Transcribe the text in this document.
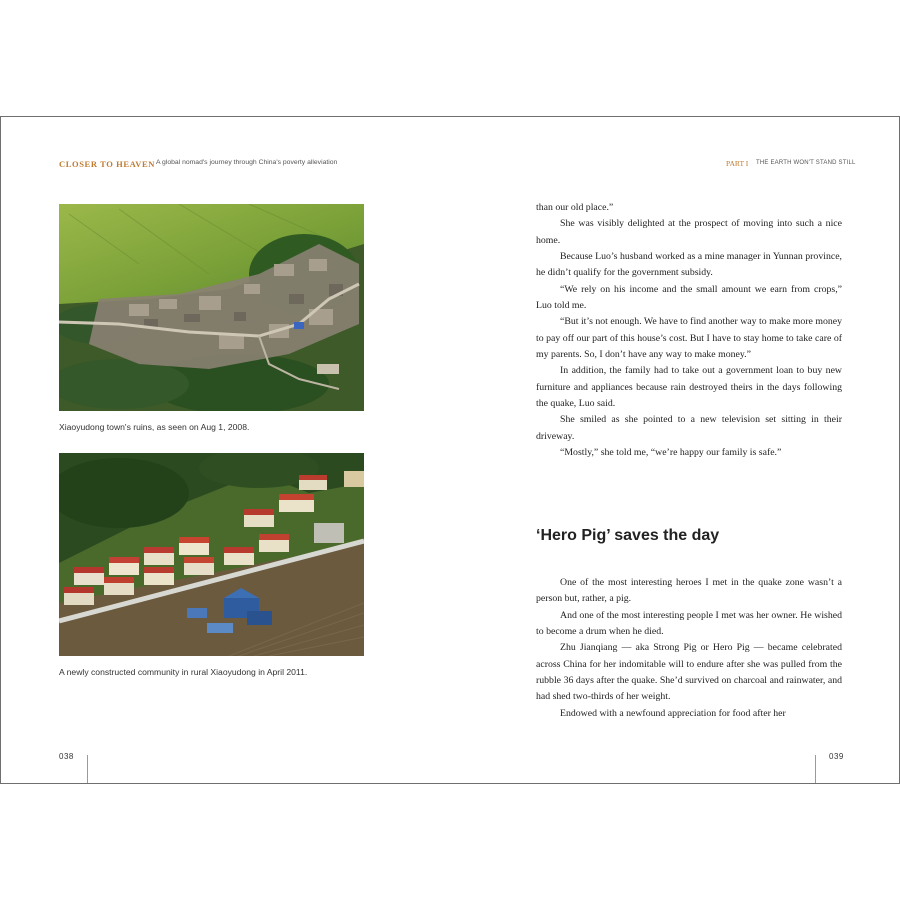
CLOSER TO HEAVEN A global nomad's journey through China's poverty alleviation	PART I THE EARTH WON'T STAND STILL
Xiaoyudong town's ruins, as seen on Aug 1, 2008.
A newly constructed community in rural Xiaoyudong in April 2011.
038	039

than our old place.”

She was visibly delighted at the prospect of moving into such a nice home.

Because Luo’s husband worked as a mine manager in Yunnan province, he didn’t qualify for the government subsidy.

“We rely on his income and the small amount we earn from crops,” Luo told me.

“But it’s not enough. We have to find another way to make more money to pay off our part of this house’s cost. But I have to stay home to take care of my parents. So, I don’t have any way to make money.”

In addition, the family had to take out a government loan to buy new furniture and appliances because rain destroyed theirs in the days following the quake, Luo said.

She smiled as she pointed to a new television set sitting in their driveway.

“Mostly,” she told me, “we’re happy our family is safe.”

‘Hero Pig’ saves the day

One of the most interesting heroes I met in the quake zone wasn’t a person but, rather, a pig.

And one of the most interesting people I met was her owner. He wished to become a drum when he died.

Zhu Jianqiang — aka Strong Pig or Hero Pig — became celebrated across China for her indomitable will to endure after she was pulled from the rubble 36 days after the quake. She’d survived on charcoal and rainwater, and had shed two-thirds of her weight.

Endowed with a newfound appreciation for food after her
